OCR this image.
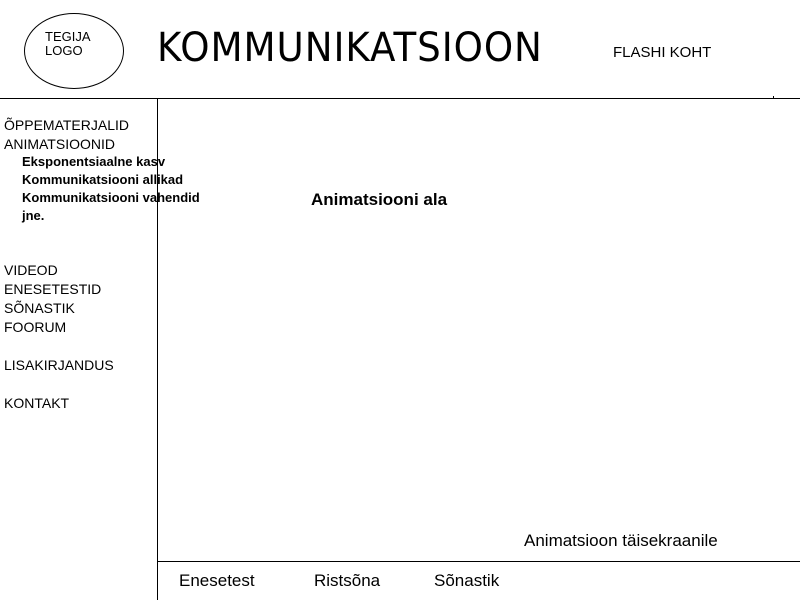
TEGIJA
LOGO KOMMUNIKATSIOON	FLASHI KOHT
ÕPPEMATERJALID
ANIMATSIOONID
Eksponentsiaalne kasv
Kommunikatsiooni allikad
Kommunikatsiooni vahendid
jne.
VIDEOD
ENESETESTID
SÕNASTIK
FOORUM
LISAKIRJANDUS
KONTAKT
Animatsiooni ala
Animatsioon täisekraanile
Enesetest	Ristsõna	Sõnastik
